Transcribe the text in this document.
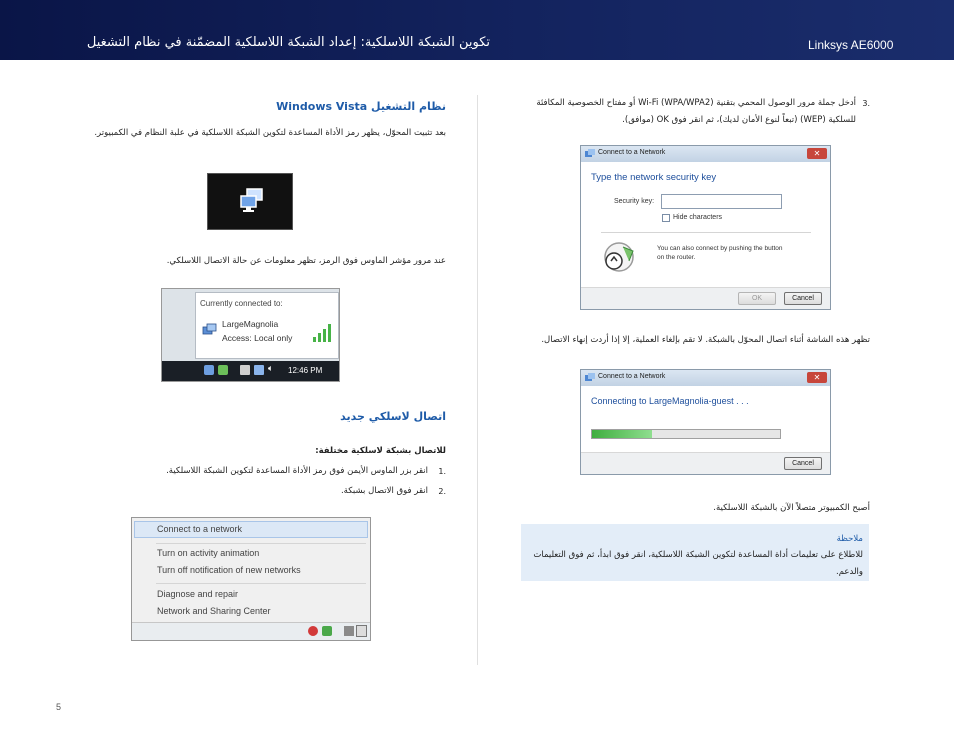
تكوين الشبكة اللاسلكية: إعداد الشبكة اللاسلكية المضمّنة في نظام التشغيل	Linksys AE6000
نظام التشغيل Windows Vista
بعد تثبيت المحوّل، يظهر رمز الأداة المساعدة لتكوين الشبكة اللاسلكية في علبة النظام في الكمبيوتر.
عند مرور مؤشر الماوس فوق الرمز، تظهر معلومات عن حالة الاتصال اللاسلكي.
اتصال لاسلكي جديد
للاتصال بشبكة لاسلكية مختلفة:
.1
انقر بزر الماوس الأيمن فوق رمز الأداة المساعدة لتكوين الشبكة اللاسلكية.
.2
انقر فوق الاتصال بشبكة.
Currently connected to:
LargeMagnolia
Access: Local only
🔈︎ 12:46 PM
Connect to a network
Turn on activity animation
Turn off notification of new networks
Diagnose and repair
Network and Sharing Center
.3
أدخل جملة مرور الوصول المحمي بتقنية Wi-Fi (WPA/WPA2) أو مفتاح الخصوصية المكافئة للسلكية (WEP) (تبعاً لنوع الأمان لديك)، ثم انقر فوق OK (موافق).
تظهر هذه الشاشة أثناء اتصال المحوّل بالشبكة. لا تقم بإلغاء العملية، إلا إذا أردت إنهاء الاتصال.
أصبح الكمبيوتر متصلاً الآن بالشبكة اللاسلكية.
Connect to a Network	✕
Type the network security key
Security key:
Hide characters
You can also connect by pushing the button on the router.
OK	Cancel
Connect to a Network	✕
Connecting to LargeMagnolia-guest . . .
Cancel
ملاحظة
للاطلاع على تعليمات أداة المساعدة لتكوين الشبكة اللاسلكية، انقر فوق ابدأ، ثم فوق التعليمات والدعم.
5
